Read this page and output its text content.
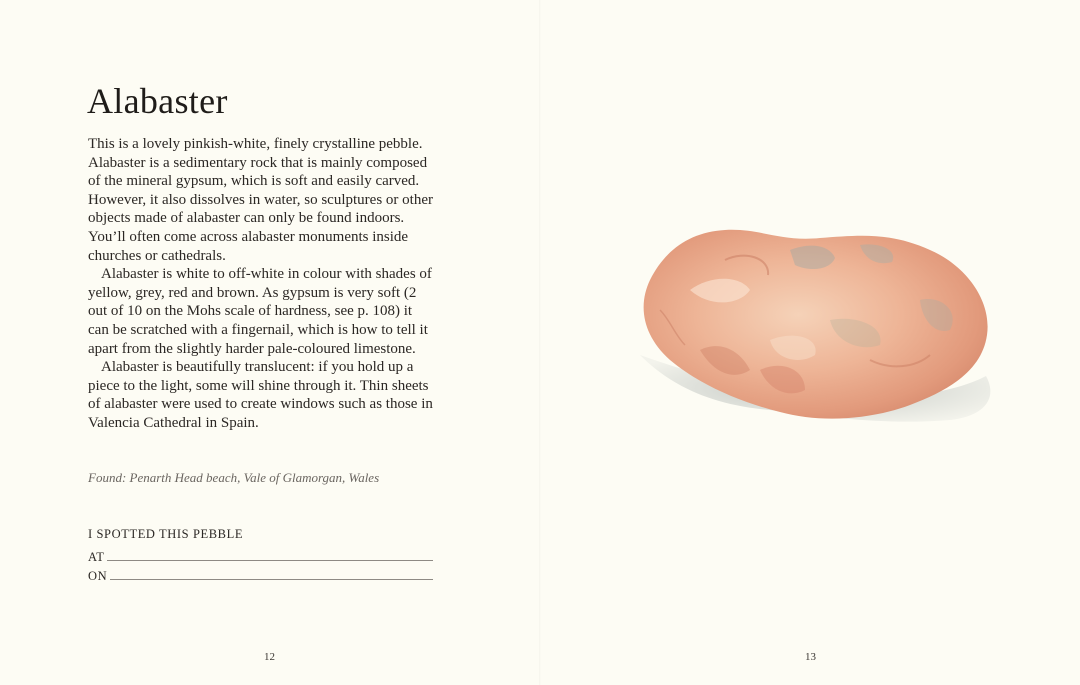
Alabaster

This is a lovely pinkish-white, finely crystalline pebble. Alabaster is a sedimentary rock that is mainly composed of the mineral gypsum, which is soft and easily carved. However, it also dissolves in water, so sculptures or other objects made of alabaster can only be found indoors. You’ll often come across alabaster monuments inside churches or cathedrals.

Alabaster is white to off-white in colour with shades of yellow, grey, red and brown. As gypsum is very soft (2 out of 10 on the Mohs scale of hardness, see p. 108) it can be scratched with a fingernail, which is how to tell it apart from the slightly harder pale-coloured limestone.

Alabaster is beautifully translucent: if you hold up a piece to the light, some will shine through it. Thin sheets of alabaster were used to create windows such as those in Valencia Cathedral in Spain.

Found: Penarth Head beach, Vale of Glamorgan, Wales
I SPOTTED THIS PEBBLE
AT
ON
12	13
